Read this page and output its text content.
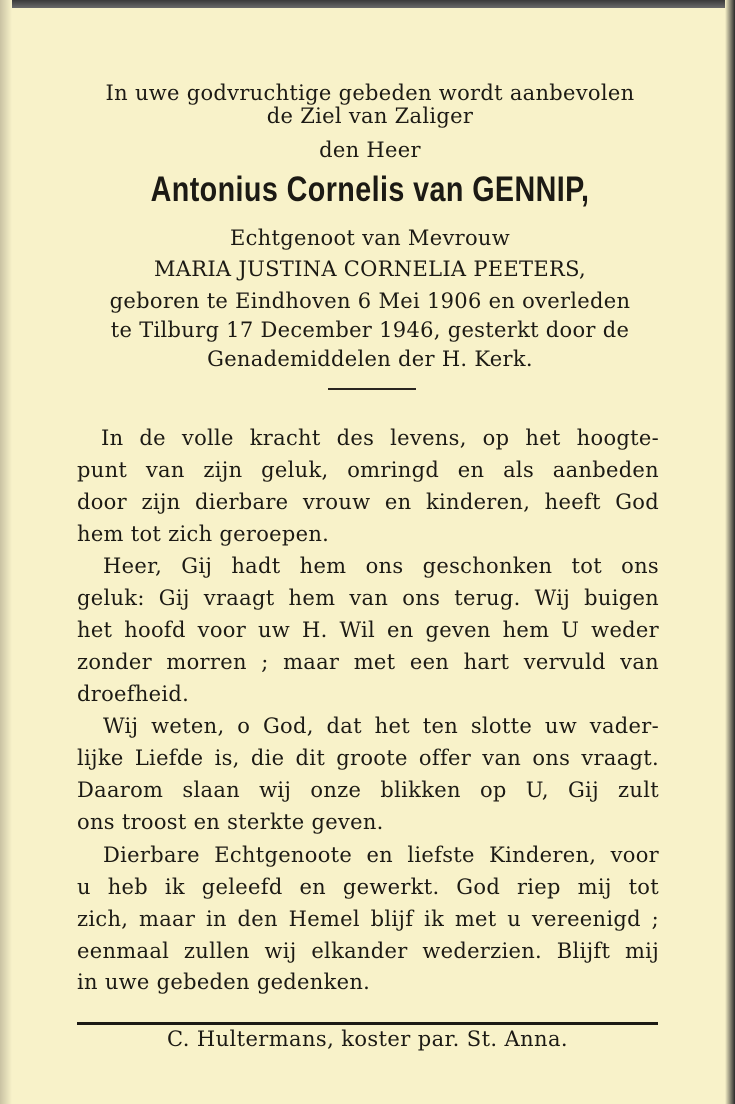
In uwe godvruchtige gebeden wordt aanbevolen
de Ziel van Zaliger
den Heer
Antonius Cornelis van GENNIP,
Echtgenoot van Mevrouw
MARIA JUSTINA CORNELIA PEETERS,
geboren te Eindhoven 6 Mei 1906 en overleden
te Tilburg 17 December 1946, gesterkt door de
Genademiddelen der H. Kerk.
In de volle kracht des levens, op het hoogte-
punt van zijn geluk, omringd en als aanbeden
door zijn dierbare vrouw en kinderen, heeft God
hem tot zich geroepen.
Heer, Gij hadt hem ons geschonken tot ons
geluk: Gij vraagt hem van ons terug. Wij buigen
het hoofd voor uw H. Wil en geven hem U weder
zonder morren ; maar met een hart vervuld van
droefheid.
Wij weten, o God, dat het ten slotte uw vader-
lijke Liefde is, die dit groote offer van ons vraagt.
Daarom slaan wij onze blikken op U, Gij zult
ons troost en sterkte geven.
Dierbare Echtgenoote en liefste Kinderen, voor
u heb ik geleefd en gewerkt. God riep mij tot
zich, maar in den Hemel blijf ik met u vereenigd ;
eenmaal zullen wij elkander wederzien. Blijft mij
in uwe gebeden gedenken.
C. Hultermans, koster par. St. Anna.
